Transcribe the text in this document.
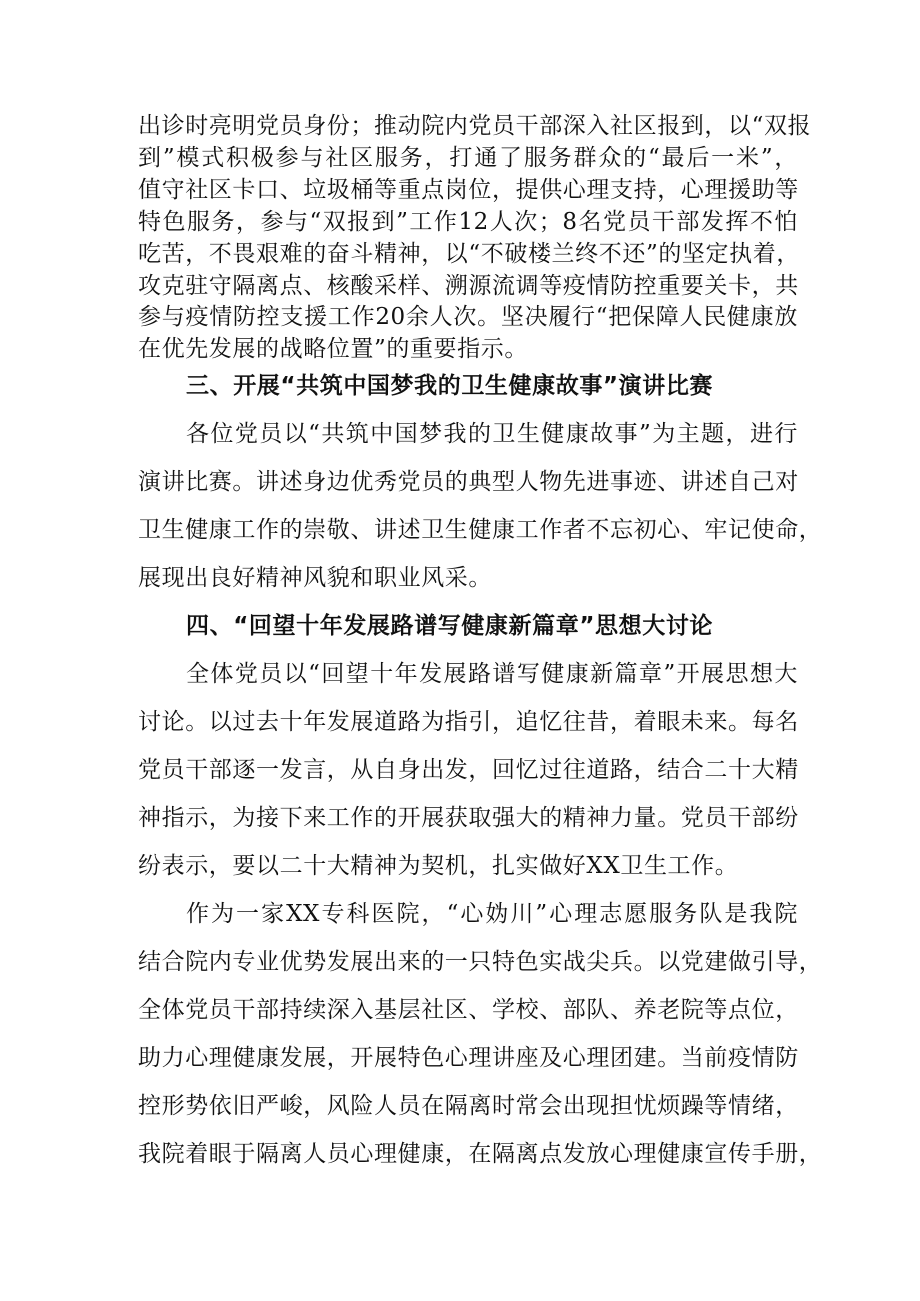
出诊时亮明党员身份；推动院内党员干部深入社区报到，以“双报
到”模式积极参与社区服务，打通了服务群众的“最后一米”，
值守社区卡口、垃圾桶等重点岗位，提供心理支持，心理援助等
特色服务，参与“双报到”工作12人次；8名党员干部发挥不怕
吃苦，不畏艰难的奋斗精神，以“不破楼兰终不还”的坚定执着，
攻克驻守隔离点、核酸采样、溯源流调等疫情防控重要关卡，共
参与疫情防控支援工作20余人次。坚决履行“把保障人民健康放
在优先发展的战略位置”的重要指示。
三、开展“共筑中国梦我的卫生健康故事”演讲比赛
各位党员以“共筑中国梦我的卫生健康故事”为主题，进行
演讲比赛。讲述身边优秀党员的典型人物先进事迹、讲述自己对
卫生健康工作的崇敬、讲述卫生健康工作者不忘初心、牢记使命，
展现出良好精神风貌和职业风采。
四、“回望十年发展路谱写健康新篇章”思想大讨论
全体党员以“回望十年发展路谱写健康新篇章”开展思想大
讨论。以过去十年发展道路为指引，追忆往昔，着眼未来。每名
党员干部逐一发言，从自身出发，回忆过往道路，结合二十大精
神指示，为接下来工作的开展获取强大的精神力量。党员干部纷
纷表示，要以二十大精神为契机，扎实做好XX卫生工作。
作为一家XX专科医院，“心妫川”心理志愿服务队是我院
结合院内专业优势发展出来的一只特色实战尖兵。以党建做引导，
全体党员干部持续深入基层社区、学校、部队、养老院等点位，
助力心理健康发展，开展特色心理讲座及心理团建。当前疫情防
控形势依旧严峻，风险人员在隔离时常会出现担忧烦躁等情绪，
我院着眼于隔离人员心理健康，在隔离点发放心理健康宣传手册，
